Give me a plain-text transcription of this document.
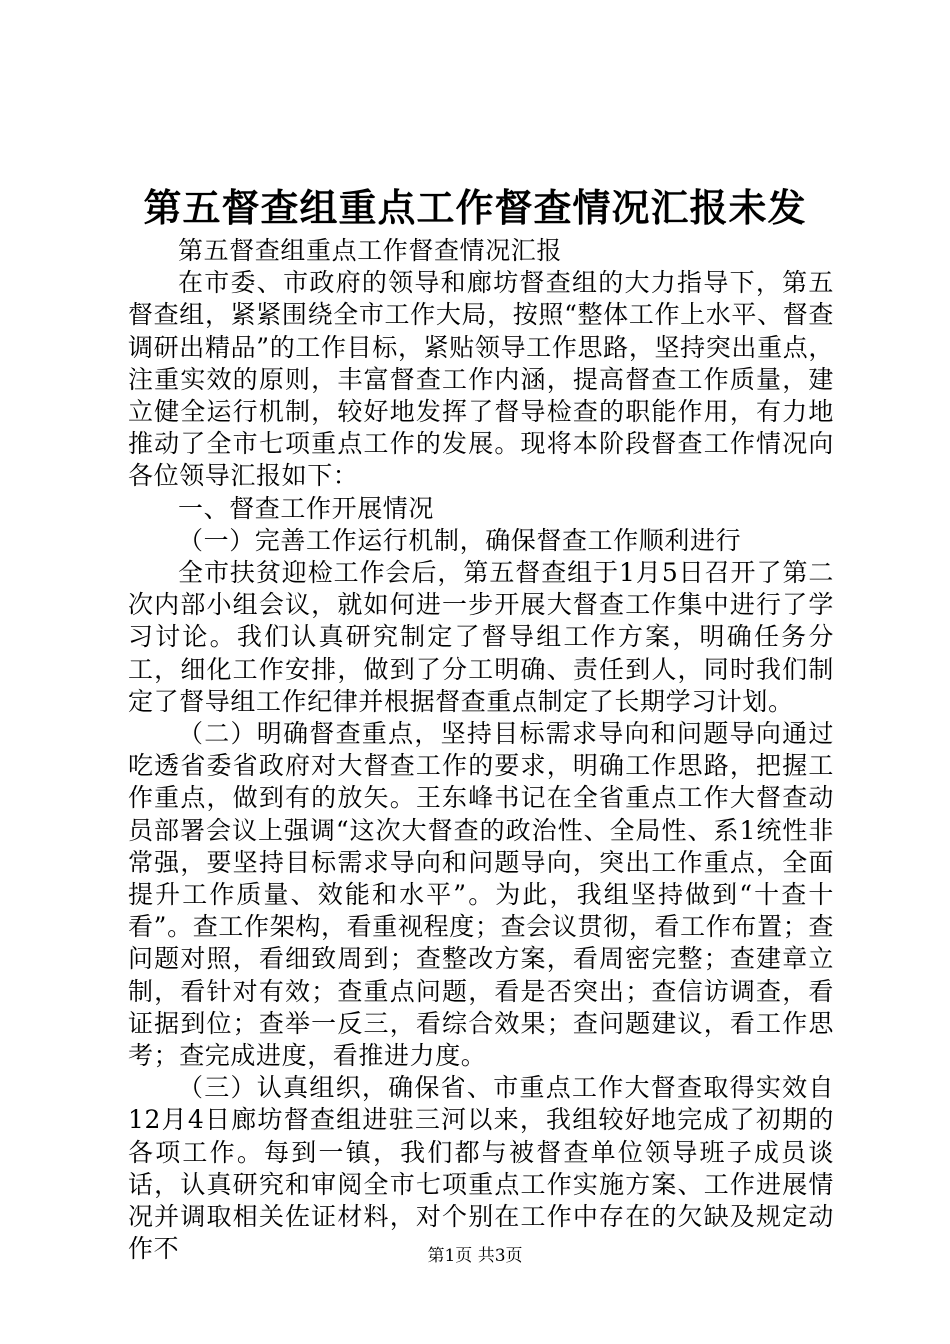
第五督查组重点工作督查情况汇报未发

第五督查组重点工作督查情况汇报

在市委、市政府的领导和廊坊督查组的大力指导下，第五督查组，紧紧围绕全市工作大局，按照“整体工作上水平、督查调研出精品”的工作目标，紧贴领导工作思路，坚持突出重点，注重实效的原则，丰富督查工作内涵，提高督查工作质量，建立健全运行机制，较好地发挥了督导检查的职能作用，有力地推动了全市七项重点工作的发展。现将本阶段督查工作情况向各位领导汇报如下：

一、督查工作开展情况

（一）完善工作运行机制，确保督查工作顺利进行

全市扶贫迎检工作会后，第五督查组于1月5日召开了第二次内部小组会议，就如何进一步开展大督查工作集中进行了学习讨论。我们认真研究制定了督导组工作方案，明确任务分工，细化工作安排，做到了分工明确、责任到人，同时我们制定了督导组工作纪律并根据督查重点制定了长期学习计划。

（二）明确督查重点，坚持目标需求导向和问题导向通过吃透省委省政府对大督查工作的要求，明确工作思路，把握工作重点，做到有的放矢。王东峰书记在全省重点工作大督查动员部署会议上强调“这次大督查的政治性、全局性、系1统性非常强，要坚持目标需求导向和问题导向，突出工作重点，全面提升工作质量、效能和水平”。为此，我组坚持做到“十查十看”。查工作架构，看重视程度；查会议贯彻，看工作布置；查问题对照，看细致周到；查整改方案，看周密完整；查建章立制，看针对有效；查重点问题，看是否突出；查信访调查，看证据到位；查举一反三，看综合效果；查问题建议，看工作思考；查完成进度，看推进力度。

（三）认真组织，确保省、市重点工作大督查取得实效自12月4日廊坊督查组进驻三河以来，我组较好地完成了初期的各项工作。每到一镇，我们都与被督查单位领导班子成员谈话，认真研究和审阅全市七项重点工作实施方案、工作进展情况并调取相关佐证材料，对个别在工作中存在的欠缺及规定动作不	第1页 共3页
